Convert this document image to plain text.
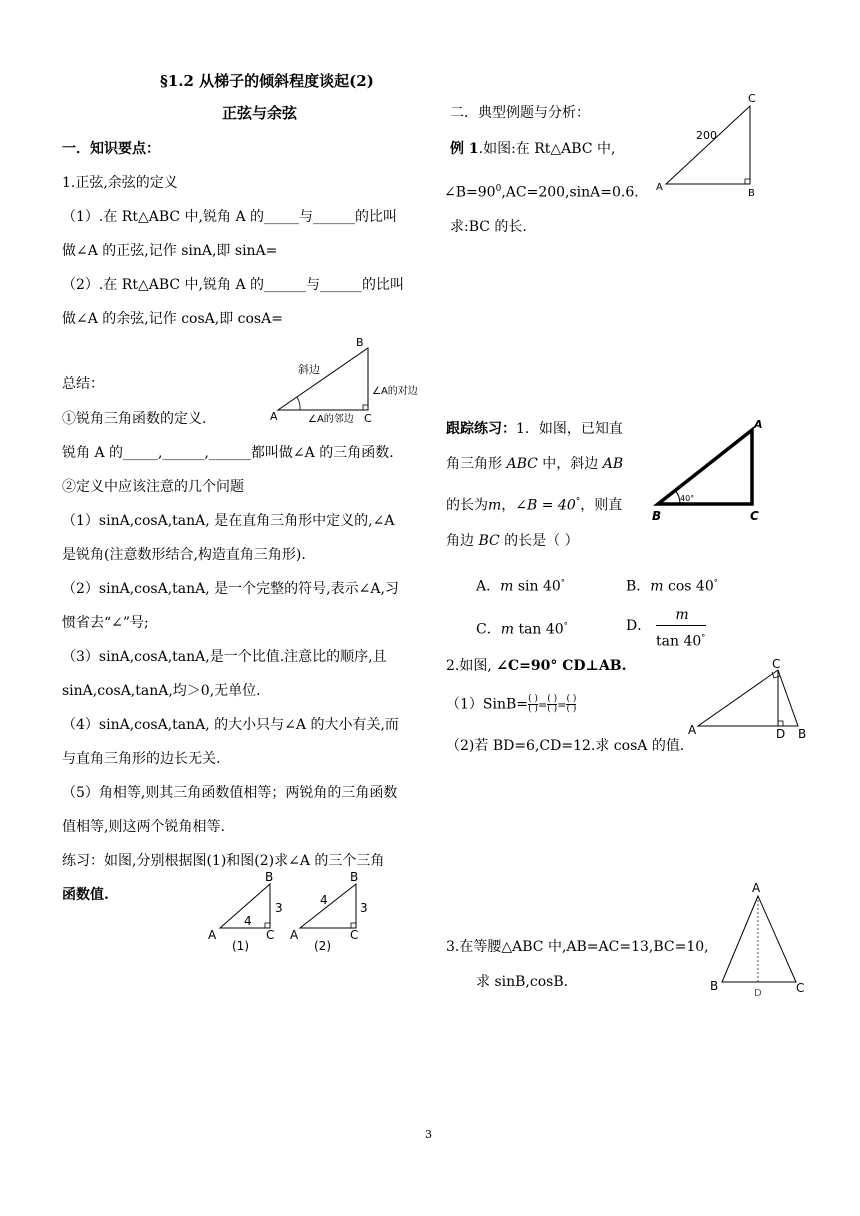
§1.2 从梯子的倾斜程度谈起(2)
正弦与余弦
一．知识要点：
1.正弦,余弦的定义
（1）.在 Rt△ABC 中,锐角 A 的_____与______的比叫
做∠A 的正弦,记作 sinA,即 sinA=
（2）.在 Rt△ABC 中,锐角 A 的______与______的比叫
做∠A 的余弦,记作 cosA,即 cosA=
总结：
B
斜边
∠A的对边
A	∠A的邻边 C
①锐角三角函数的定义.
锐角 A 的_____,______,______都叫做∠A 的三角函数.
②定义中应该注意的几个问题
（1）sinA,cosA,tanA, 是在直角三角形中定义的,∠A
是锐角(注意数形结合,构造直角三角形).
（2）sinA,cosA,tanA, 是一个完整的符号,表示∠A,习
惯省去“∠”号;
（3）sinA,cosA,tanA,是一个比值.注意比的顺序,且
sinA,cosA,tanA,均＞0,无单位.
（4）sinA,cosA,tanA, 的大小只与∠A 的大小有关,而
与直角三角形的边长无关.
（5）角相等,则其三角函数值相等；两锐角的三角函数
值相等,则这两个锐角相等.
练习：如图,分别根据图(1)和图(2)求∠A 的三个三角
函数值.
B
3
4
A	C
(1)
B
4
3
A	C
(2)
二．典型例题与分析：
例 1.如图:在 Rt△ABC 中,
$\angle B=90^0,AC=200,\sin A=0.6$.
求:BC 的长.
C
200
A
B
跟踪练习：1．如图，已知直
角三角形 ABC 中，斜边 AB
的长为m，∠B = 40°，则直
角边 BC 的长是（ ）
A
B	C
40°
A．m sin 40°	B．m cos 40°
C．m tan 40°	D．
m
tan 40°
2.如图, ∠C=90° CD⊥AB.
（1）SinB= $\frac{( )}{( )} = \frac{( )}{( )} = \frac{( )}{( )}$
（2)若 BD=6,CD=12.求 cosA 的值.
C
A	D B
3.在等腰△ABC 中,AB=AC=13,BC=10,
求 sinB,cosB.
A
B
D	C
3
